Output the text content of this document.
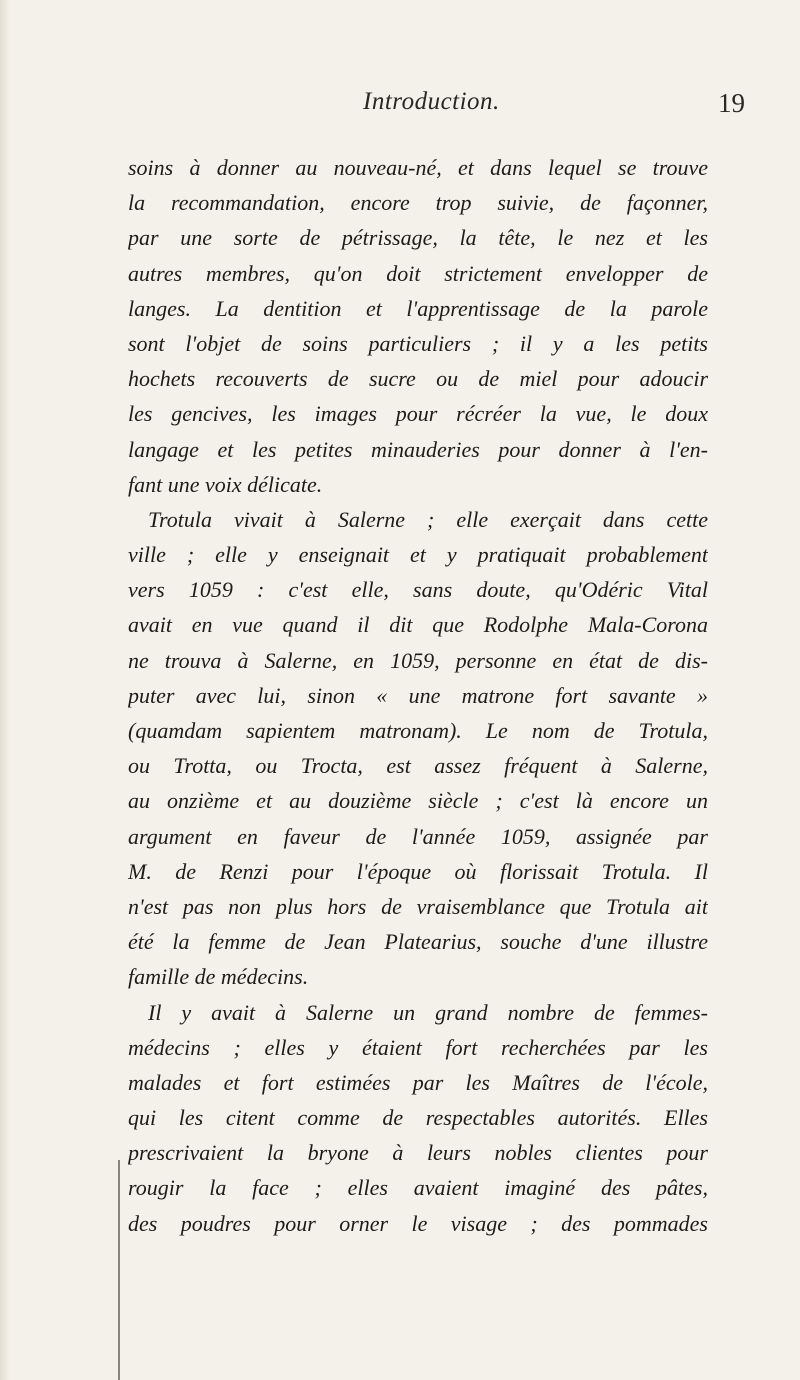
Introduction.	19
soins à donner au nouveau-né, et dans lequel se trouve
la recommandation, encore trop suivie, de façonner,
par une sorte de pétrissage, la tête, le nez et les
autres membres, qu'on doit strictement envelopper de
langes. La dentition et l'apprentissage de la parole
sont l'objet de soins particuliers ; il y a les petits
hochets recouverts de sucre ou de miel pour adoucir
les gencives, les images pour récréer la vue, le doux
langage et les petites minauderies pour donner à l'en-
fant une voix délicate.
Trotula vivait à Salerne ; elle exerçait dans cette
ville ; elle y enseignait et y pratiquait probablement
vers 1059 : c'est elle, sans doute, qu'Odéric Vital
avait en vue quand il dit que Rodolphe Mala-Corona
ne trouva à Salerne, en 1059, personne en état de dis-
puter avec lui, sinon « une matrone fort savante »
(quamdam sapientem matronam). Le nom de Trotula,
ou Trotta, ou Trocta, est assez fréquent à Salerne,
au onzième et au douzième siècle ; c'est là encore un
argument en faveur de l'année 1059, assignée par
M. de Renzi pour l'époque où florissait Trotula. Il
n'est pas non plus hors de vraisemblance que Trotula ait
été la femme de Jean Platearius, souche d'une illustre
famille de médecins.
Il y avait à Salerne un grand nombre de femmes-
médecins ; elles y étaient fort recherchées par les
malades et fort estimées par les Maîtres de l'école,
qui les citent comme de respectables autorités. Elles
prescrivaient la bryone à leurs nobles clientes pour
rougir la face ; elles avaient imaginé des pâtes,
des poudres pour orner le visage ; des pommades
